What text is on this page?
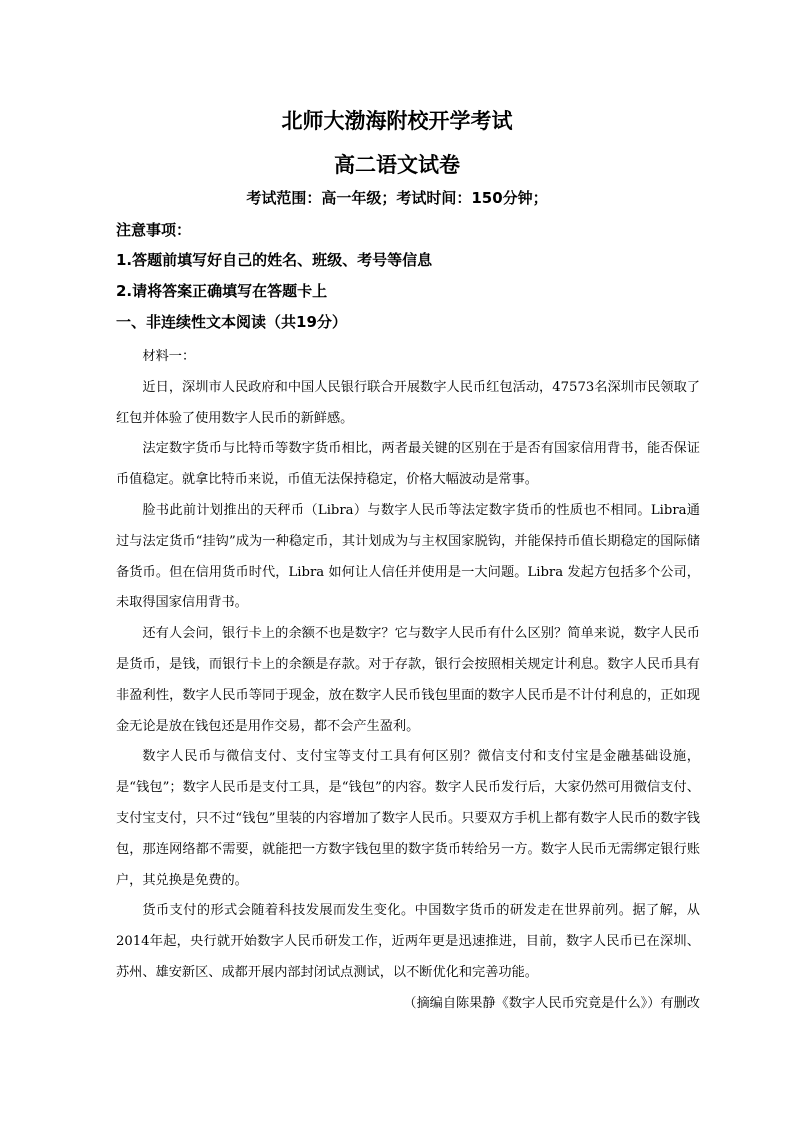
北师大渤海附校开学考试
高二语文试卷
考试范围：高一年级；考试时间：150分钟；
注意事项：
1.答题前填写好自己的姓名、班级、考号等信息
2.请将答案正确填写在答题卡上
一、非连续性文本阅读（共19分）

材料一：

近日，深圳市人民政府和中国人民银行联合开展数字人民币红包活动，47573名深圳市民领取了红包并体验了使用数字人民币的新鲜感。

法定数字货币与比特币等数字货币相比，两者最关键的区别在于是否有国家信用背书，能否保证币值稳定。就拿比特币来说，币值无法保持稳定，价格大幅波动是常事。

脸书此前计划推出的天秤币（Libra）与数字人民币等法定数字货币的性质也不相同。Libra通过与法定货币“挂钩”成为一种稳定币，其计划成为与主权国家脱钩，并能保持币值长期稳定的国际储备货币。但在信用货币时代，Libra 如何让人信任并使用是一大问题。Libra 发起方包括多个公司，未取得国家信用背书。

还有人会问，银行卡上的余额不也是数字？它与数字人民币有什么区别？简单来说，数字人民币是货币，是钱，而银行卡上的余额是存款。对于存款，银行会按照相关规定计利息。数字人民币具有非盈利性，数字人民币等同于现金，放在数字人民币钱包里面的数字人民币是不计付利息的，正如现金无论是放在钱包还是用作交易，都不会产生盈利。

数字人民币与微信支付、支付宝等支付工具有何区别？微信支付和支付宝是金融基础设施，是“钱包”；数字人民币是支付工具，是“钱包”的内容。数字人民币发行后，大家仍然可用微信支付、支付宝支付，只不过“钱包”里装的内容增加了数字人民币。只要双方手机上都有数字人民币的数字钱包，那连网络都不需要，就能把一方数字钱包里的数字货币转给另一方。数字人民币无需绑定银行账户，其兑换是免费的。

货币支付的形式会随着科技发展而发生变化。中国数字货币的研发走在世界前列。据了解，从2014年起，央行就开始数字人民币研发工作，近两年更是迅速推进，目前，数字人民币已在深圳、苏州、雄安新区、成都开展内部封闭试点测试，以不断优化和完善功能。

（摘编自陈果静《数字人民币究竟是什么》）有删改
